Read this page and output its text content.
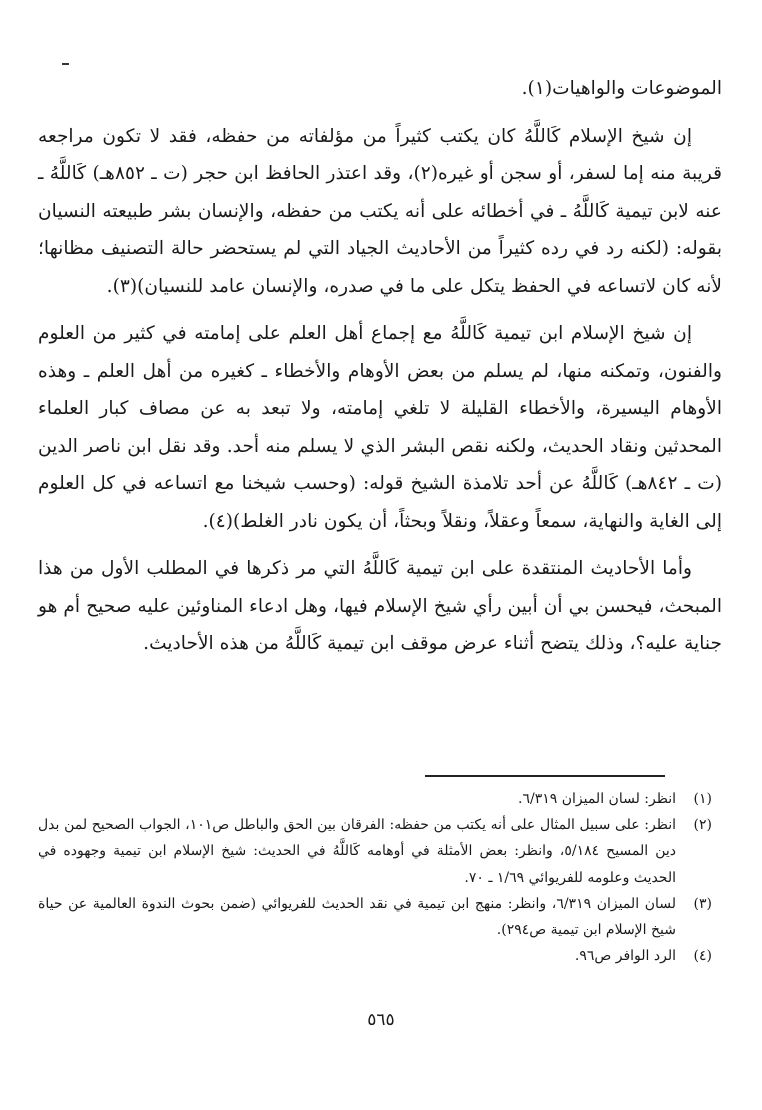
الموضوعات والواهيات(١).

إن شيخ الإسلام كَاللَّهُ كان يكتب كثيراً من مؤلفاته من حفظه، فقد لا تكون مراجعه قريبة منه إما لسفر، أو سجن أو غيره(٢)، وقد اعتذر الحافظ ابن حجر (ت ـ ٨٥٢هـ) كَاللَّهُ ـ عنه لابن تيمية كَاللَّهُ ـ في أخطائه على أنه يكتب من حفظه، والإنسان بشر طبيعته النسيان بقوله: (لكنه رد في رده كثيراً من الأحاديث الجياد التي لم يستحضر حالة التصنيف مظانها؛ لأنه كان لاتساعه في الحفظ يتكل على ما في صدره، والإنسان عامد للنسيان)(٣).

إن شيخ الإسلام ابن تيمية كَاللَّهُ مع إجماع أهل العلم على إمامته في كثير من العلوم والفنون، وتمكنه منها، لم يسلم من بعض الأوهام والأخطاء ـ كغيره من أهل العلم ـ وهذه الأوهام اليسيرة، والأخطاء القليلة لا تلغي إمامته، ولا تبعد به عن مصاف كبار العلماء المحدثين ونقاد الحديث، ولكنه نقص البشر الذي لا يسلم منه أحد. وقد نقل ابن ناصر الدين (ت ـ ٨٤٢هـ) كَاللَّهُ عن أحد تلامذة الشيخ قوله: (وحسب شيخنا مع اتساعه في كل العلوم إلى الغاية والنهاية، سمعاً وعقلاً، ونقلاً وبحثاً، أن يكون نادر الغلط)(٤).

وأما الأحاديث المنتقدة على ابن تيمية كَاللَّهُ التي مر ذكرها في المطلب الأول من هذا المبحث، فيحسن بي أن أبين رأي شيخ الإسلام فيها، وهل ادعاء المناوئين عليه صحيح أم هو جناية عليه؟، وذلك يتضح أثناء عرض موقف ابن تيمية كَاللَّهُ من هذه الأحاديث.

(١)
انظر: لسان الميزان ٦/٣١٩.
(٢)
انظر: على سبيل المثال على أنه يكتب من حفظه: الفرقان بين الحق والباطل ص١٠١، الجواب الصحيح لمن بدل دين المسيح ٥/١٨٤، وانظر: بعض الأمثلة في أوهامه كَاللَّهُ في الحديث: شيخ الإسلام ابن تيمية وجهوده في الحديث وعلومه للفريوائي ١/٦٩ ـ ٧٠.
(٣)
لسان الميزان ٦/٣١٩، وانظر: منهج ابن تيمية في نقد الحديث للفريوائي (ضمن بحوث الندوة العالمية عن حياة شيخ الإسلام ابن تيمية ص٢٩٤).
(٤)
الرد الوافر ص٩٦.
٥٦٥
